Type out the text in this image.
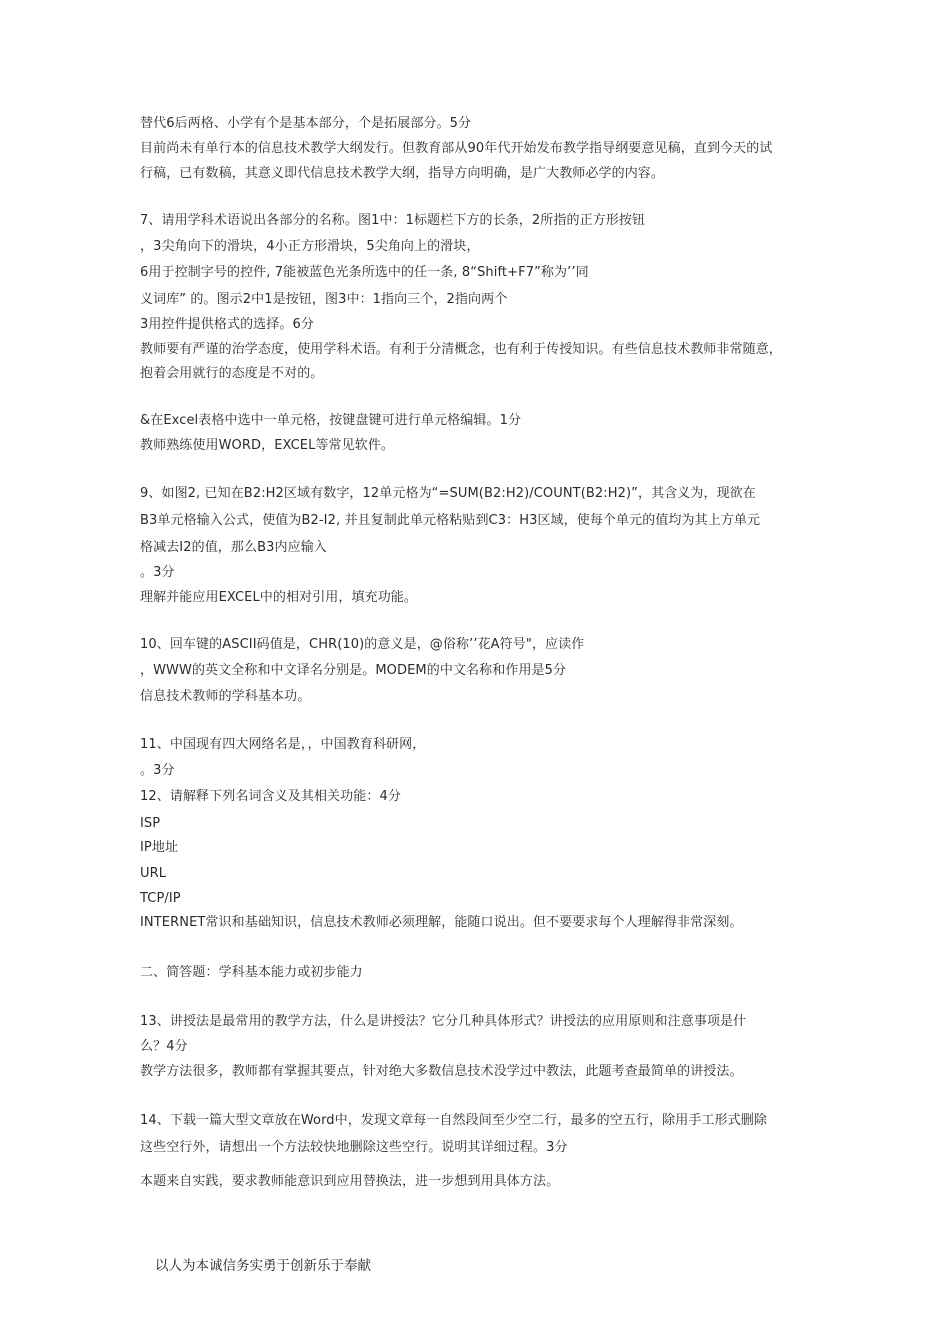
替代6后两格、小学有个是基本部分，个是拓展部分。5分
目前尚未有单行本的信息技术教学大纲发行。但教育部从90年代开始发布教学指导纲要意见稿，直到今天的试
行稿，已有数稿，其意义即代信息技术教学大纲，指导方向明确，是广大教师必学的内容。
7、请用学科术语说出各部分的名称。图1中：1标题栏下方的长条，2所指的正方形按钮
，3尖角向下的滑块，4小正方形滑块，5尖角向上的滑块，
6用于控制字号的控件, 7能被蓝色光条所选中的任一条, 8“Shift+F7”称为’’同
义词库” 的。图示2中1是按钮，图3中：1指向三个，2指向两个
3用控件提供格式的选择。6分
教师要有严谨的治学态度，使用学科术语。有利于分清概念，也有利于传授知识。有些信息技术教师非常随意，
抱着会用就行的态度是不对的。
&在Excel表格中选中一单元格，按键盘键可进行单元格编辑。1分
教师熟练使用WORD，EXCEL等常见软件。
9、如图2, 已知在B2:H2区域有数字，12单元格为“=SUM(B2:H2)/COUNT(B2:H2)”，其含义为，现欲在
B3单元格输入公式，使值为B2-I2, 并且复制此单元格粘贴到C3：H3区域，使每个单元的值均为其上方单元
格减去I2的值，那么B3内应输入
。3分
理解并能应用EXCEL中的相对引用，填充功能。
10、回车键的ASCII码值是，CHR(10)的意义是，@俗称’’花A符号"，应读作
，WWW的英文全称和中文译名分别是。MODEM的中文名称和作用是5分
信息技术教师的学科基本功。
11、中国现有四大网络名是，，中国教育科研网，
。3分
12、请解释下列名词含义及其相关功能：4分
ISP
IP地址
URL
TCP/IP
INTERNET常识和基础知识，信息技术教师必须理解，能随口说出。但不要要求每个人理解得非常深刻。
二、简答题：学科基本能力或初步能力
13、讲授法是最常用的教学方法，什么是讲授法？它分几种具体形式？讲授法的应用原则和注意事项是什
么？4分
教学方法很多，教师都有掌握其要点，针对绝大多数信息技术没学过中教法，此题考查最简单的讲授法。
14、下载一篇大型文章放在Word中，发现文章每一自然段间至少空二行，最多的空五行，除用手工形式删除
这些空行外，请想出一个方法较快地删除这些空行。说明其详细过程。3分
本题来自实践，要求教师能意识到应用替换法，进一步想到用具体方法。
以人为本诚信务实勇于创新乐于奉献
